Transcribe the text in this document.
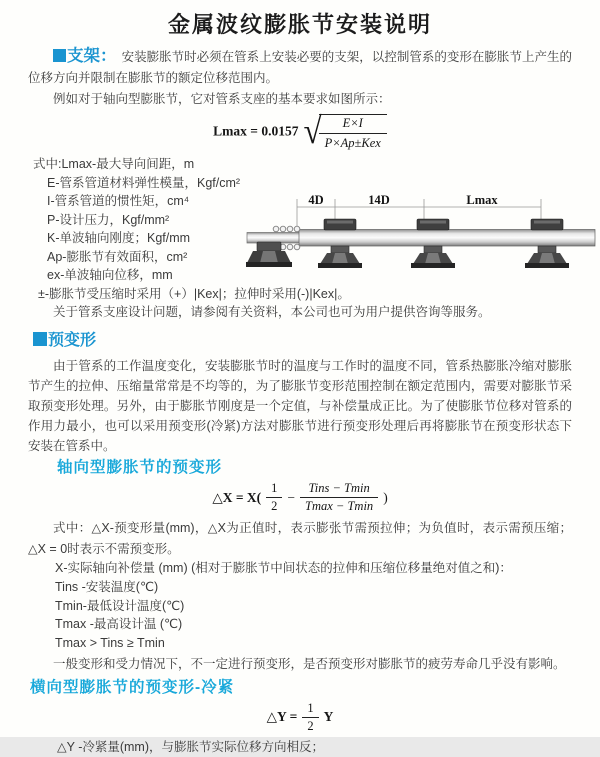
金属波纹膨胀节安装说明

支架： 安装膨胀节时必须在管系上安装必要的支架，以控制管系的变形在膨胀节上产生的位移方向并限制在膨胀节的额定位移范围内。

例如对于轴向型膨胀节，它对管系支座的基本要求如图所示：

Lmax = 0.0157 √
$\frac{E\times I}{\text{P×Ap±Kex}}$
式中:Lmax-最大导向间距，m
E-管系管道材料弹性模量，Kgf/cm²
I-管系管道的惯性矩，cm⁴
P-设计压力，Kgf/mm²
K-单波轴向刚度；Kgf/mm
Ap-膨胀节有效面积，cm²
ex-单波轴向位移，mm
±-膨胀节受压缩时采用（+）|Kex|；拉伸时采用(-)|Kex|。

关于管系支座设计问题，请参阅有关资料，本公司也可为用户提供咨询等服务。

4D	14D	Lmax
预变形

由于管系的工作温度变化，安装膨胀节时的温度与工作时的温度不同，管系热膨胀冷缩对膨胀节产生的拉伸、压缩量常常是不均等的，为了膨胀节变形范围控制在额定范围内，需要对膨胀节采取预变形处理。另外，由于膨胀节刚度是一个定值，与补偿量成正比。为了使膨胀节位移对管系的作用力最小，也可以采用预变形(冷紧)方法对膨胀节进行预变形处理后再将膨胀节在预变形状态下安装在管系中。

轴向型膨胀节的预变形
△X = $X( \frac{1}{2} - \frac{\text{Tins − Tmin}}{Tmax - Tmin}$ )

式中：△X-预变形量(mm)，△X为正值时，表示膨张节需预拉伸；为负值时，表示需预压缩；△X = 0时表示不需预变形。

X-实际轴向补偿量 (mm) (相对于膨胀节中间状态的拉伸和压缩位移量绝对值之和)：

Tins -安装温度(℃)
Tmin-最低设计温度(℃)
Tmax -最高设计温 (℃)
Tmax > Tins ≥ Tmin

一般变形和受力情况下，不一定进行预变形，是否预变形对膨胀节的疲劳寿命几乎没有影响。

横向型膨胀节的预变形-冷紧
△Y = $\frac{1}{2}$ Y
△Y -冷紧量(mm)，与膨胀节实际位移方向相反；
